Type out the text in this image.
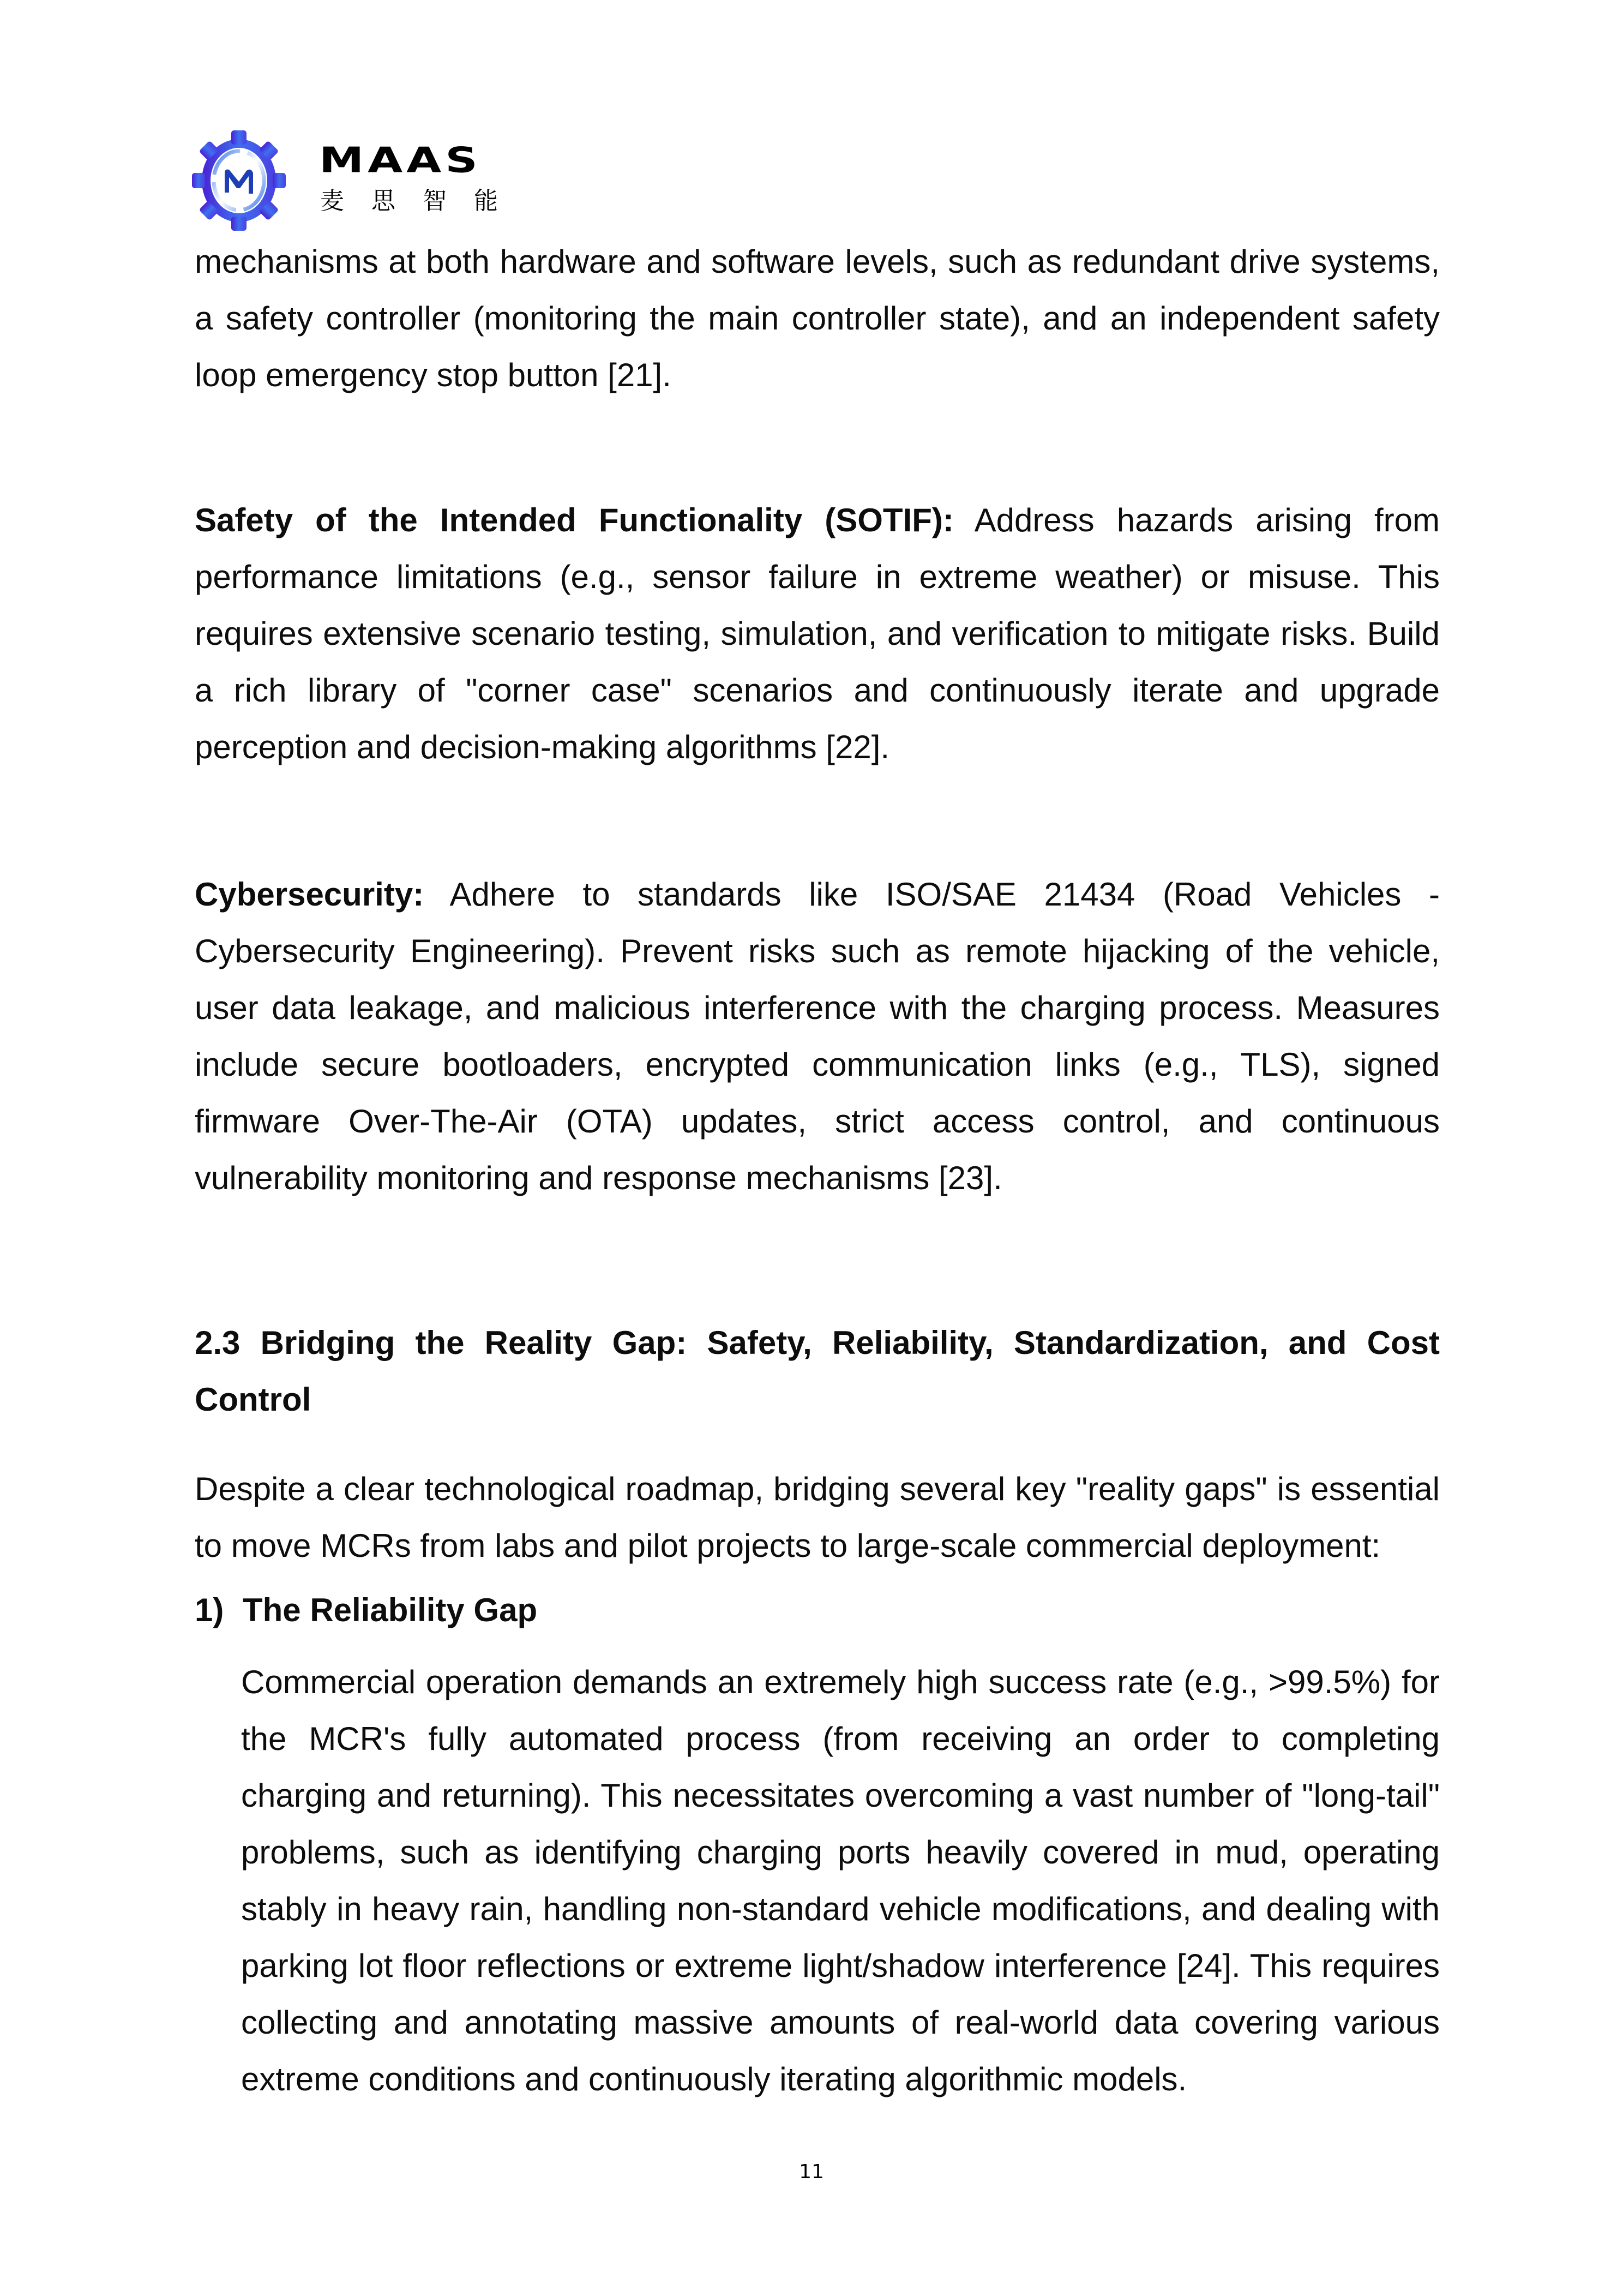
MAAS
麦 思 智 能

mechanisms at both hardware and software levels, such as redundant drive systems, a safety controller (monitoring the main controller state), and an independent safety loop emergency stop button [21].

Safety of the Intended Functionality (SOTIF): Address hazards arising from performance limitations (e.g., sensor failure in extreme weather) or misuse. This requires extensive scenario testing, simulation, and verification to mitigate risks. Build a rich library of "corner case" scenarios and continuously iterate and upgrade perception and decision-making algorithms [22].

Cybersecurity: Adhere to standards like ISO/SAE 21434 (Road Vehicles - Cybersecurity Engineering). Prevent risks such as remote hijacking of the vehicle, user data leakage, and malicious interference with the charging process. Measures include secure bootloaders, encrypted communication links (e.g., TLS), signed firmware Over-The-Air (OTA) updates, strict access control, and continuous vulnerability monitoring and response mechanisms [23].

2.3 Bridging the Reality Gap: Safety, Reliability, Standardization, and Cost Control

Despite a clear technological roadmap, bridging several key "reality gaps" is essential to move MCRs from labs and pilot projects to large-scale commercial deployment:

1) The Reliability Gap

Commercial operation demands an extremely high success rate (e.g., >99.5%) for the MCR's fully automated process (from receiving an order to completing charging and returning). This necessitates overcoming a vast number of "long-tail" problems, such as identifying charging ports heavily covered in mud, operating stably in heavy rain, handling non-standard vehicle modifications, and dealing with parking lot floor reflections or extreme light/shadow interference [24]. This requires collecting and annotating massive amounts of real-world data covering various extreme conditions and continuously iterating algorithmic models.

11
